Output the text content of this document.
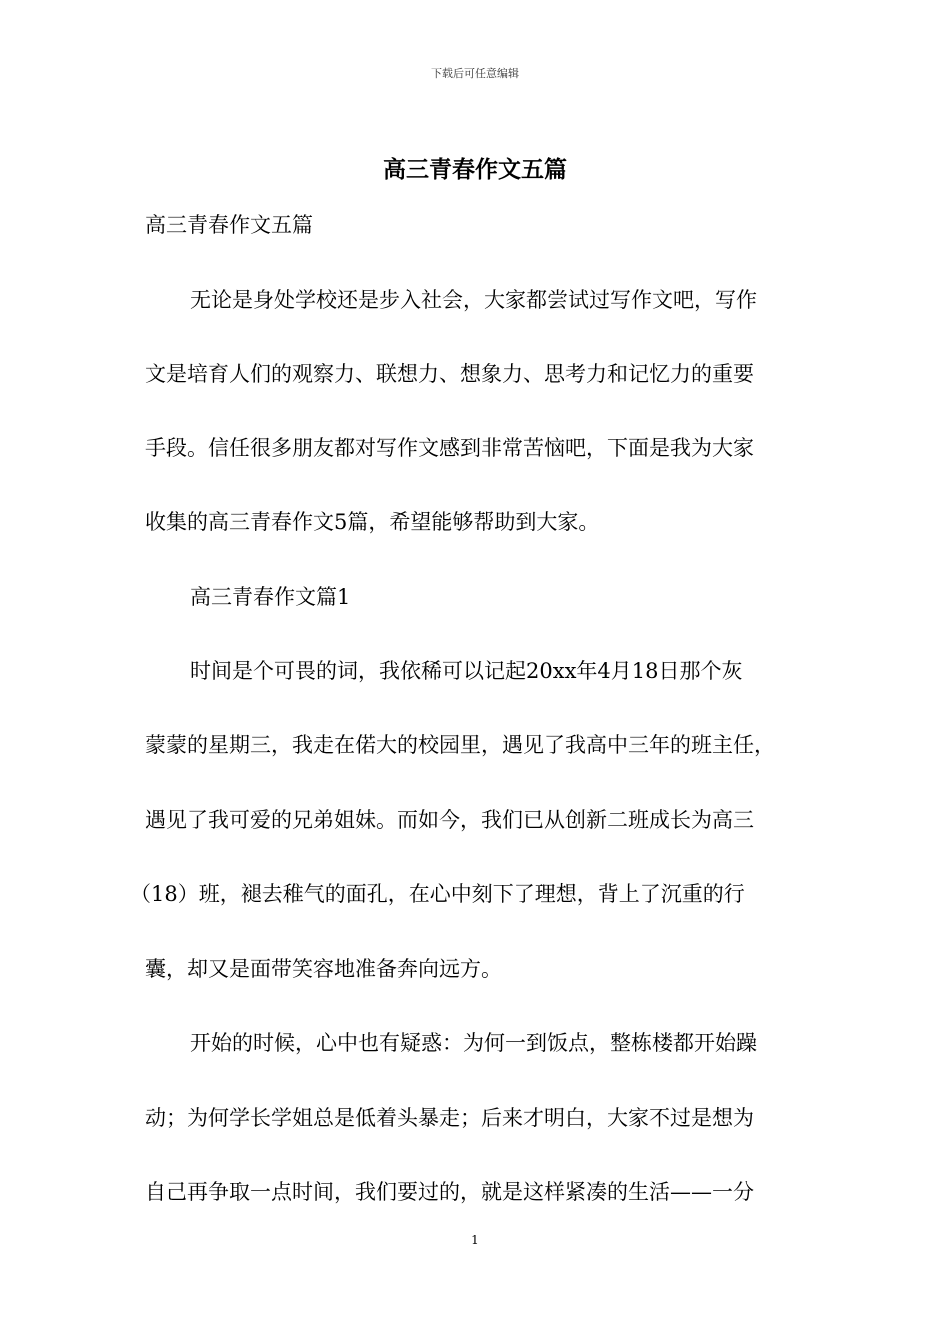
下载后可任意编辑
高三青春作文五篇
高三青春作文五篇
无论是身处学校还是步入社会，大家都尝试过写作文吧，写作
文是培育人们的观察力、联想力、想象力、思考力和记忆力的重要
手段。信任很多朋友都对写作文感到非常苦恼吧，下面是我为大家
收集的高三青春作文5篇，希望能够帮助到大家。
高三青春作文篇1
时间是个可畏的词，我依稀可以记起20xx年4月18日那个灰
蒙蒙的星期三，我走在偌大的校园里，遇见了我高中三年的班主任，
遇见了我可爱的兄弟姐妹。而如今，我们已从创新二班成长为高三
（18）班，褪去稚气的面孔，在心中刻下了理想，背上了沉重的行
囊，却又是面带笑容地准备奔向远方。
开始的时候，心中也有疑惑：为何一到饭点，整栋楼都开始躁
动；为何学长学姐总是低着头暴走；后来才明白，大家不过是想为
自己再争取一点时间，我们要过的，就是这样紧凑的生活——一分
1
